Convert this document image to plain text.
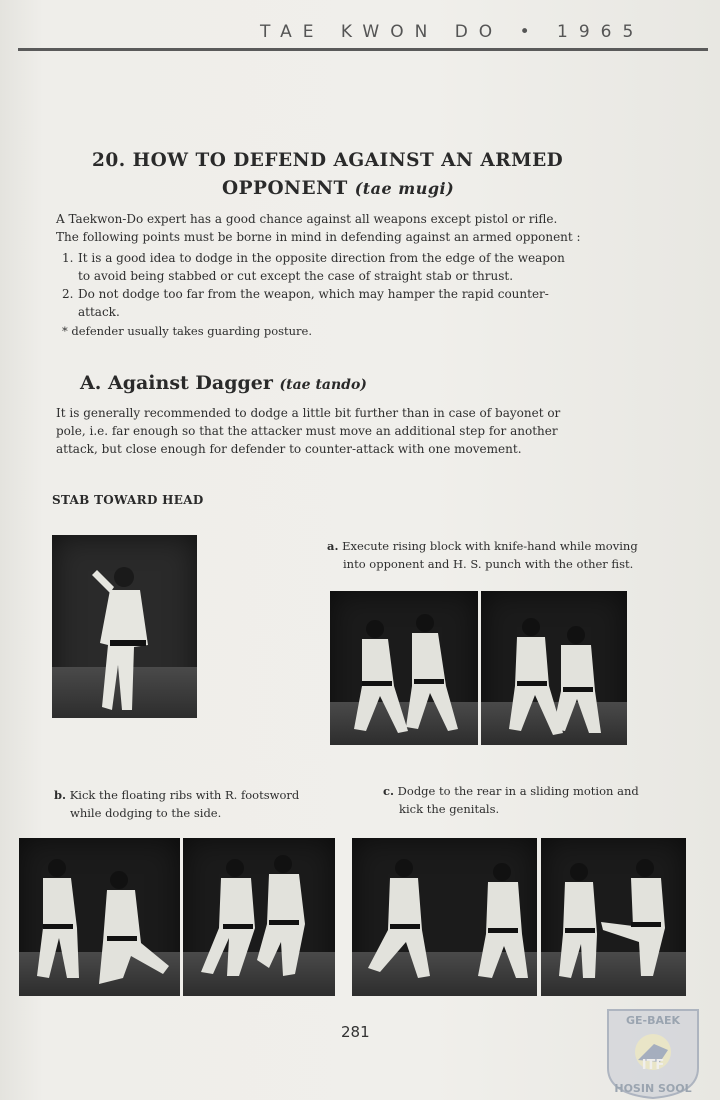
TAE KWON DO • 1965
20. HOW TO DEFEND AGAINST AN ARMED
OPPONENT (tae mugi)
A Taekwon-Do expert has a good chance against all weapons except pistol or rifle.
The following points must be borne in mind in defending against an armed opponent :
1. It is a good idea to dodge in the opposite direction from the edge of the weapon
to avoid being stabbed or cut except the case of straight stab or thrust.
2. Do not dodge too far from the weapon, which may hamper the rapid counter-
attack.
* defender usually takes guarding posture.
A. Against Dagger (tae tando)
It is generally recommended to dodge a little bit further than in case of bayonet or
pole, i.e. far enough so that the attacker must move an additional step for another
attack, but close enough for defender to counter-attack with one movement.
STAB TOWARD HEAD
a. Execute rising block with knife-hand while moving
into opponent and H. S. punch with the other fist.
b. Kick the floating ribs with R. footsword
while dodging to the side.
c. Dodge to the rear in a sliding motion and
kick the genitals.
281
GE-BAEK
ITF
HOSIN SOOL
